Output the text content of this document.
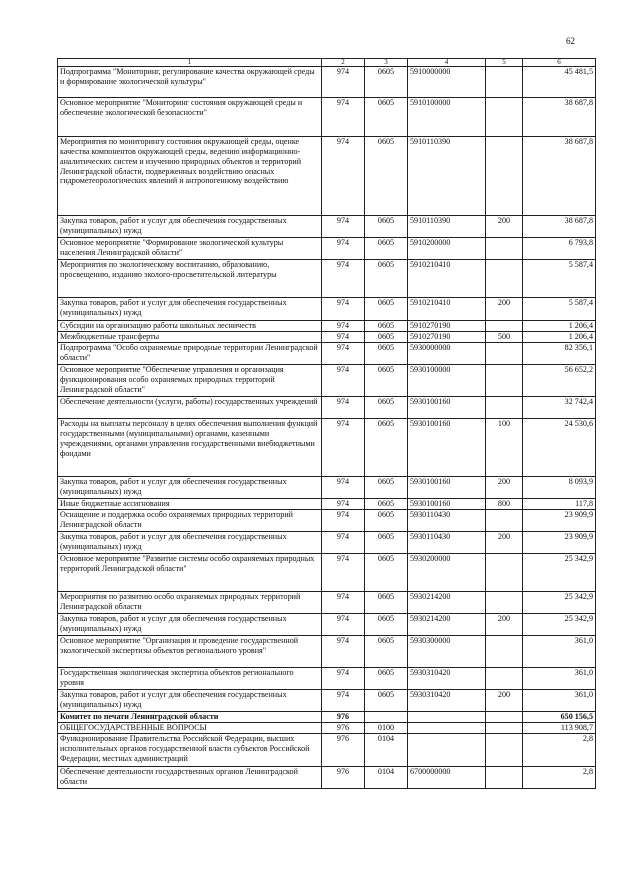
62
1	2	3	4	5	6
Подпрограмма "Мониторинг, регулирование качества окружающей среды и формирование экологической культуры"	974	0605	5910000000		45 481,5
Основное мероприятие "Мониторинг состояния окружающей среды и обеспечение экологической безопасности"	974	0605	5910100000		38 687,8
Мероприятия по мониторингу состояния окружающей среды, оценке качества компонентов окружающей среды, ведению информационно-аналитических систем и изучению природных объектов и территорий Ленинградской области, подверженных воздействию опасных гидрометеорологических явлений и антропогенному воздействию	974	0605	5910110390		38 687,8
Закупка товаров, работ и услуг для обеспечения государственных (муниципальных) нужд	974	0605	5910110390	200	38 687,8
Основное мероприятие "Формирование экологической культуры населения Ленинградской области"	974	0605	5910200000		6 793,8
Мероприятия по экологическому воспитанию, образованию, просвещению, изданию эколого-просветительской литературы	974	0605	5910210410		5 587,4
Закупка товаров, работ и услуг для обеспечения государственных (муниципальных) нужд	974	0605	5910210410	200	5 587,4
Субсидии на организацию работы школьных лесничеств	974	0605	5910270190		1 206,4
Межбюджетные трансферты	974	0605	5910270190	500	1 206,4
Подпрограмма "Особо охраняемые природные территории Ленинградской области"	974	0605	5930000000		82 356,1
Основное мероприятие "Обеспечение управления и организация функционирования особо охраняемых природных территорий Ленинградской области"	974	0605	5930100000		56 652,2
Обеспечение деятельности (услуги, работы) государственных учреждений	974	0605	5930100160		32 742,4
Расходы на выплаты персоналу в целях обеспечения выполнения функций государственными (муниципальными) органами, казенными учреждениями, органами управления государственными внебюджетными фондами	974	0605	5930100160	100	24 530,6
Закупка товаров, работ и услуг для обеспечения государственных (муниципальных) нужд	974	0605	5930100160	200	8 093,9
Иные бюджетные ассигнования	974	0605	5930100160	800	117,8
Оснащение и поддержка особо охраняемых природных территорий Ленинградской области	974	0605	5930110430		23 909,9
Закупка товаров, работ и услуг для обеспечения государственных (муниципальных) нужд	974	0605	5930110430	200	23 909,9
Основное мероприятие "Развитие системы особо охраняемых природных территорий Ленинградской области"	974	0605	5930200000		25 342,9
Мероприятия по развитию особо охраняемых природных территорий Ленинградской области	974	0605	5930214200		25 342,9
Закупка товаров, работ и услуг для обеспечения государственных (муниципальных) нужд	974	0605	5930214200	200	25 342,9
Основное мероприятие "Организация и проведение государственной экологической экспертизы объектов регионального уровня"	974	0605	5930300000		361,0
Государственная экологическая экспертиза объектов регионального уровня	974	0605	5930310420		361,0
Закупка товаров, работ и услуг для обеспечения государственных (муниципальных) нужд	974	0605	5930310420	200	361,0
Комитет по печати Ленинградской области	976				650 156,5
ОБЩЕГОСУДАРСТВЕННЫЕ ВОПРОСЫ	976	0100			113 908,7
Функционирование Правительства Российской Федерации, высших исполнительных органов государственной власти субъектов Российской Федерации, местных администраций	976	0104			2,8
Обеспечение деятельности государственных органов Ленинградской области	976	0104	6700000000		2,8
